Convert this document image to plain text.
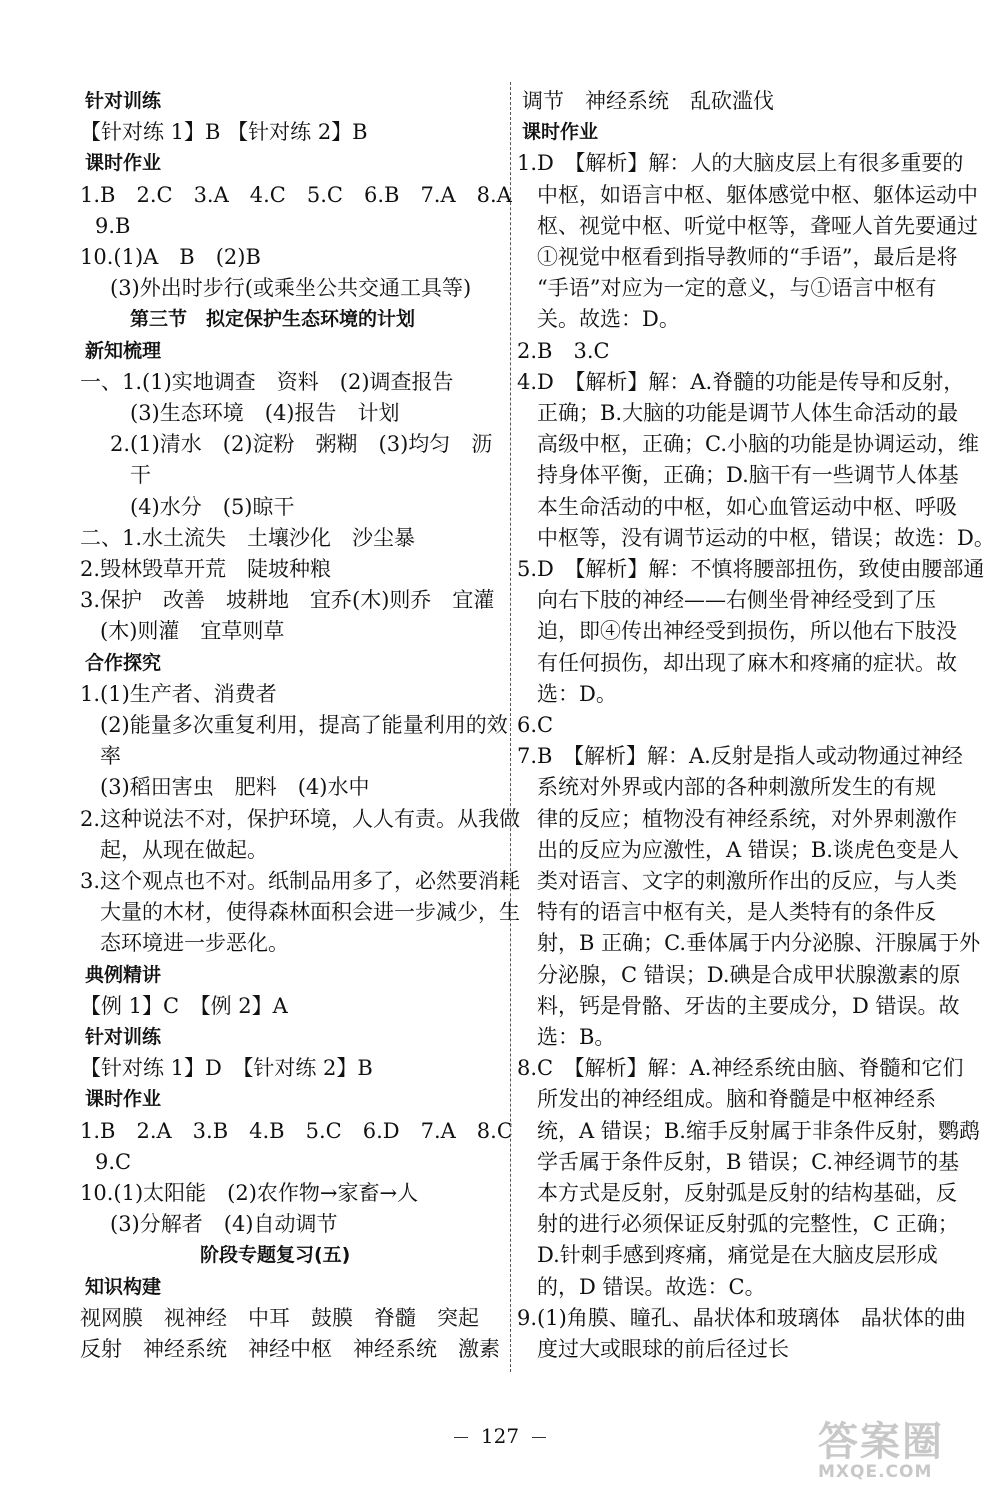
针对训练
【针对练 1】B 【针对练 2】B
课时作业
1.B　2.C　3.A　4.C　5.C　6.B　7.A　8.A
9.B
10.(1)A　B　(2)B
(3)外出时步行(或乘坐公共交通工具等)
第三节　拟定保护生态环境的计划
新知梳理
一、1.(1)实地调查　资料　(2)调查报告
(3)生态环境　(4)报告　计划
2.(1)清水　(2)淀粉　粥糊　(3)均匀　沥
干
(4)水分　(5)晾干
二、1.水土流失　土壤沙化　沙尘暴
2.毁林毁草开荒　陡坡种粮
3.保护　改善　坡耕地　宜乔(木)则乔　宜灌
(木)则灌　宜草则草
合作探究
1.(1)生产者、消费者
(2)能量多次重复利用，提高了能量利用的效
率
(3)稻田害虫　肥料　(4)水中
2.这种说法不对，保护环境，人人有责。从我做
起，从现在做起。
3.这个观点也不对。纸制品用多了，必然要消耗
大量的木材，使得森林面积会进一步减少，生
态环境进一步恶化。
典例精讲
【例 1】C　【例 2】A
针对训练
【针对练 1】D　【针对练 2】B
课时作业
1.B　2.A　3.B　4.B　5.C　6.D　7.A　8.C
9.C
10.(1)太阳能　(2)农作物→家畜→人
(3)分解者　(4)自动调节
阶段专题复习(五)
知识构建
视网膜　视神经　中耳　鼓膜　脊髓　突起
反射　神经系统　神经中枢　神经系统　激素
调节　神经系统　乱砍滥伐
课时作业
1.D　【解析】解：人的大脑皮层上有很多重要的
中枢，如语言中枢、躯体感觉中枢、躯体运动中
枢、视觉中枢、听觉中枢等，聋哑人首先要通过
①视觉中枢看到指导教师的“手语”，最后是将
“手语”对应为一定的意义，与①语言中枢有
关。故选：D。
2.B　3.C
4.D　【解析】解：A.脊髓的功能是传导和反射，
正确；B.大脑的功能是调节人体生命活动的最
高级中枢，正确；C.小脑的功能是协调运动，维
持身体平衡，正确；D.脑干有一些调节人体基
本生命活动的中枢，如心血管运动中枢、呼吸
中枢等，没有调节运动的中枢，错误；故选：D。
5.D　【解析】解：不慎将腰部扭伤，致使由腰部通
向右下肢的神经——右侧坐骨神经受到了压
迫，即④传出神经受到损伤，所以他右下肢没
有任何损伤，却出现了麻木和疼痛的症状。故
选：D。
6.C
7.B　【解析】解：A.反射是指人或动物通过神经
系统对外界或内部的各种刺激所发生的有规
律的反应；植物没有神经系统，对外界刺激作
出的反应为应激性，A 错误；B.谈虎色变是人
类对语言、文字的刺激所作出的反应，与人类
特有的语言中枢有关，是人类特有的条件反
射，B 正确；C.垂体属于内分泌腺、汗腺属于外
分泌腺，C 错误；D.碘是合成甲状腺激素的原
料，钙是骨骼、牙齿的主要成分，D 错误。故
选：B。
8.C　【解析】解：A.神经系统由脑、脊髓和它们
所发出的神经组成。脑和脊髓是中枢神经系
统，A 错误；B.缩手反射属于非条件反射，鹦鹉
学舌属于条件反射，B 错误；C.神经调节的基
本方式是反射，反射弧是反射的结构基础，反
射的进行必须保证反射弧的完整性，C 正确；
D.针刺手感到疼痛，痛觉是在大脑皮层形成
的，D 错误。故选：C。
9.(1)角膜、瞳孔、晶状体和玻璃体　晶状体的曲
度过大或眼球的前后径过长
127	答案圈
MXQE.COM
